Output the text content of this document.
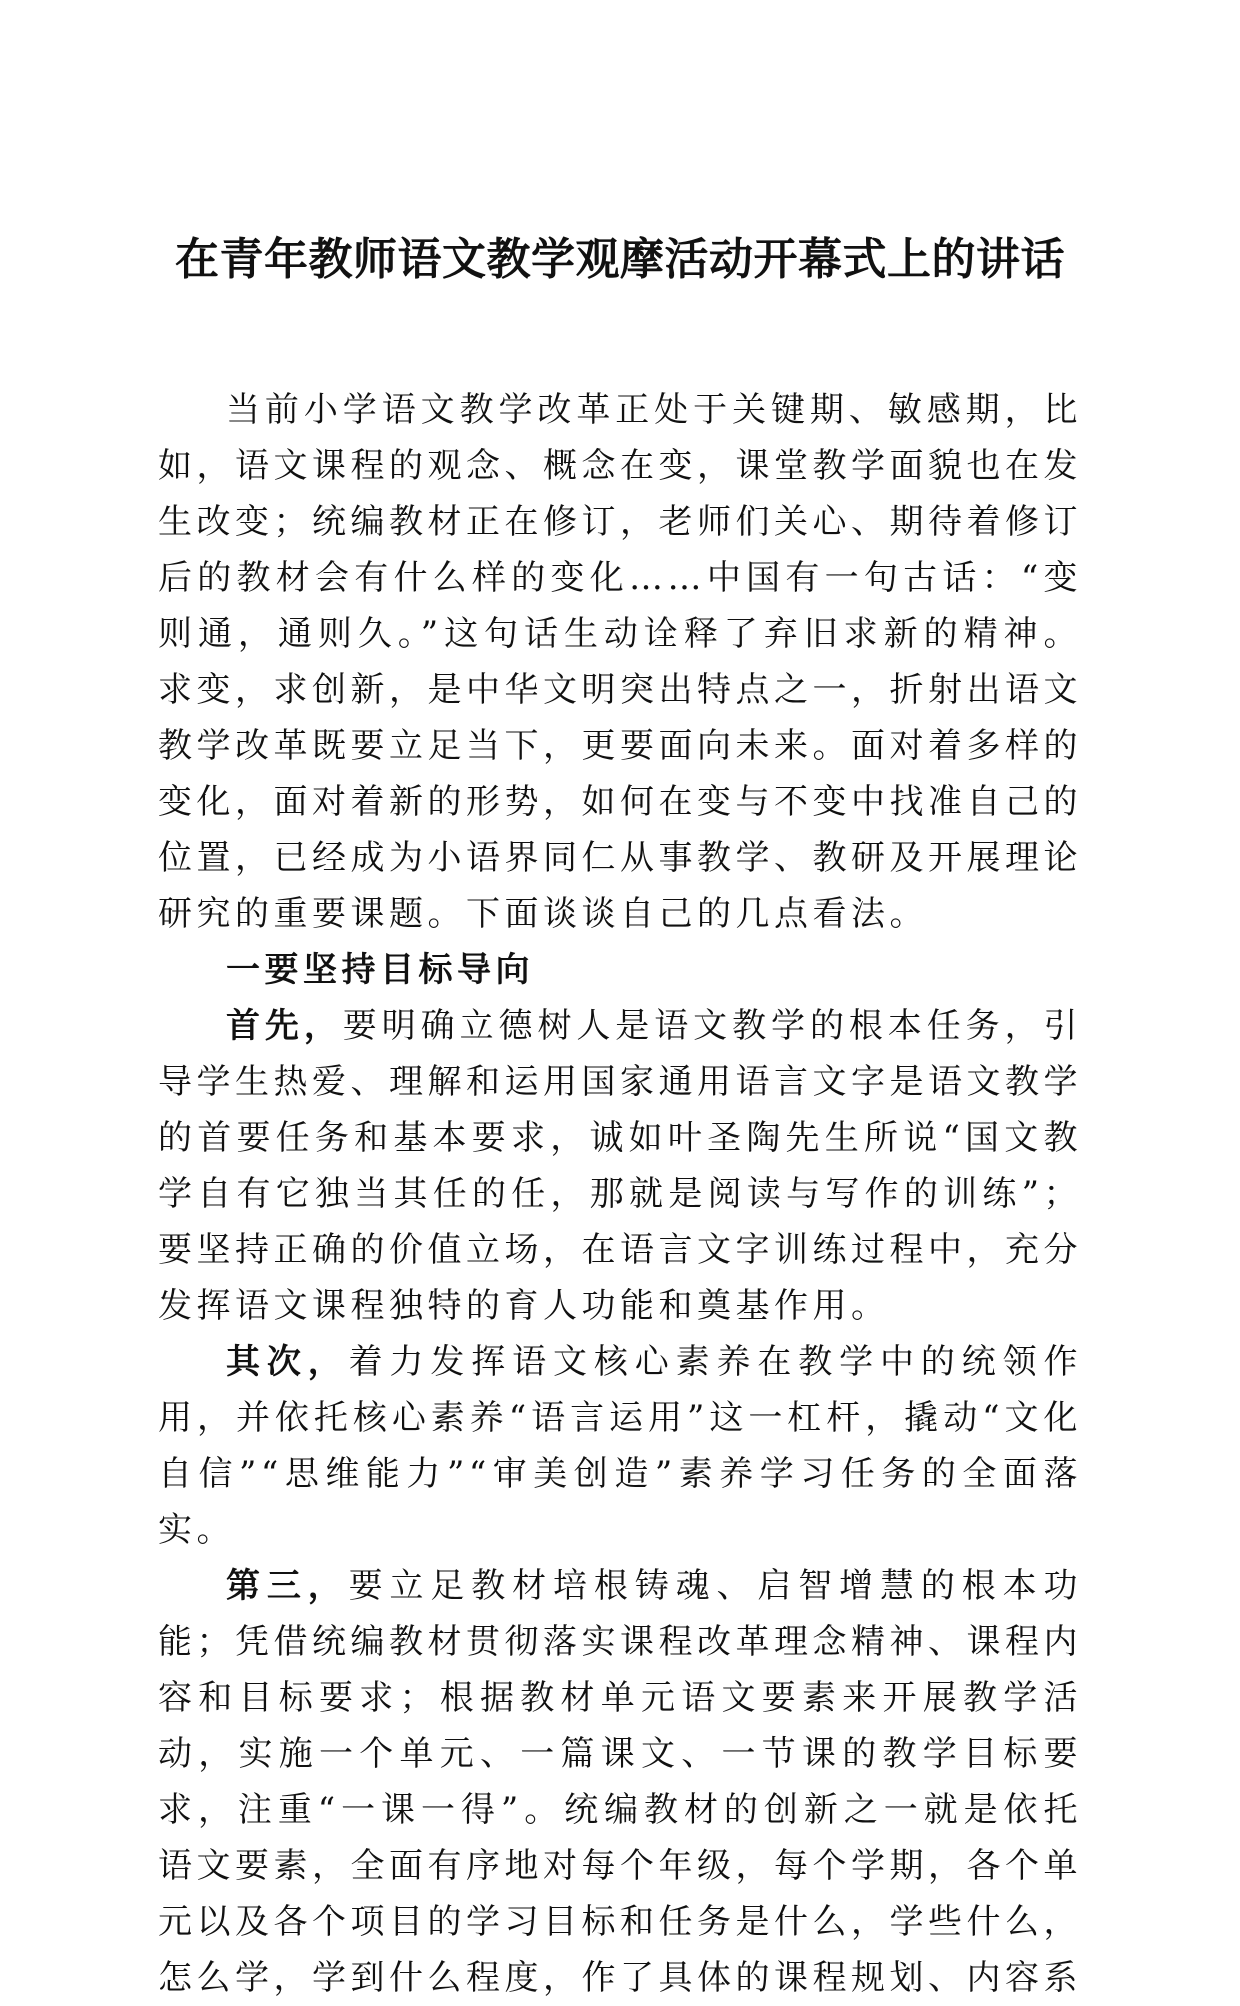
在青年教师语文教学观摩活动开幕式上的讲话

当前小学语文教学改革正处于关键期、敏感期，比如，语文课程的观念、概念在变，课堂教学面貌也在发生改变；统编教材正在修订，老师们关心、期待着修订后的教材会有什么样的变化……中国有一句古话：“变则通，通则久。”这句话生动诠释了弃旧求新的精神。求变，求创新，是中华文明突出特点之一，折射出语文教学改革既要立足当下，更要面向未来。面对着多样的变化，面对着新的形势，如何在变与不变中找准自己的位置，已经成为小语界同仁从事教学、教研及开展理论研究的重要课题。下面谈谈自己的几点看法。

一要坚持目标导向

首先，要明确立德树人是语文教学的根本任务，引导学生热爱、理解和运用国家通用语言文字是语文教学的首要任务和基本要求，诚如叶圣陶先生所说“国文教学自有它独当其任的任，那就是阅读与写作的训练”；要坚持正确的价值立场，在语言文字训练过程中，充分发挥语文课程独特的育人功能和奠基作用。

其次，着力发挥语文核心素养在教学中的统领作用，并依托核心素养“语言运用”这一杠杆，撬动“文化自信”“思维能力”“审美创造”素养学习任务的全面落实。

第三，要立足教材培根铸魂、启智增慧的根本功能；凭借统编教材贯彻落实课程改革理念精神、课程内容和目标要求；根据教材单元语文要素来开展教学活动，实施一个单元、一篇课文、一节课的教学目标要求，注重“一课一得”。统编教材的创新之一就是依托语文要素，全面有序地对每个年级，每个学期，各个单元以及各个项目的学习目标和任务是什么，学些什么，怎么学，学到什么程度，作了具体的课程规划、内容系
